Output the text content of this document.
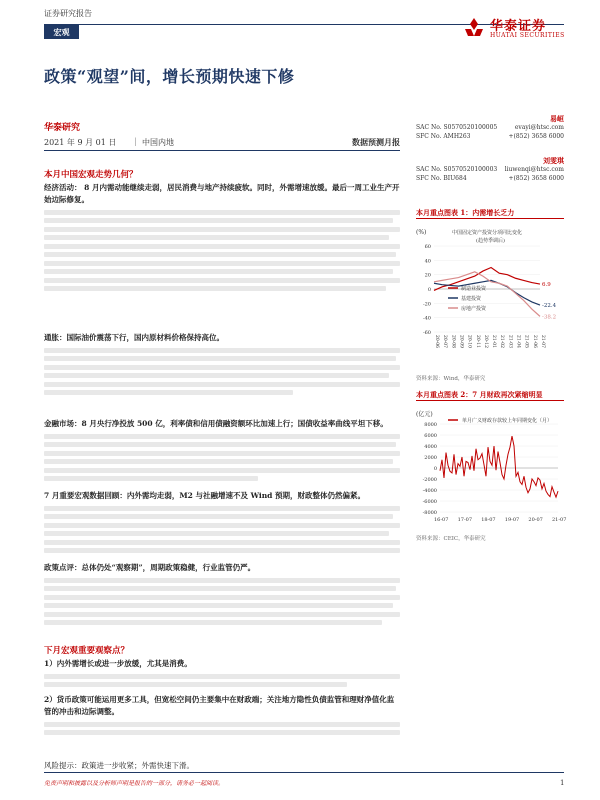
证券研究报告
宏观	华泰证券
HUATAI SECURITIES
政策“观望”间，增长预期快速下修
华泰研究
2021 年 9 月 01 日 | 中国内地	数据预测月报
易峘
SAC No. S0570520100005	evayi@htsc.com
SFC No. AMH263	+(852) 3658 6000
刘雯琪
SAC No. S0570520100003 liuwenqi@htsc.com
SFC No. BIU684	+(852) 3658 6000
本月中国宏观走势几何？
经济活动： 8 月内需动能继续走弱，居民消费与地产持续疲软。同时，外需增速放缓。最后一周工业生产开始边际修复。
通胀：国际油价震荡下行，国内原材料价格保持高位。
金融市场：8 月央行净投放 500 亿，利率债和信用债融资额环比加速上行；国债收益率曲线平坦下移。
7 月重要宏观数据回顾：内外需均走弱，M2 与社融增速不及 Wind 预期，财政整体仍然偏紧。
政策点评：总体仍处“观察期”，周期政策稳健，行业监管仍严。
下月宏观重要观察点？
1）内外需增长或进一步放缓，尤其是消费。
2）货币政策可能运用更多工具，但宽松空间仍主要集中在财政端；关注地方隐性负债监管和理财净值化监管的冲击和边际调整。
风险提示：政策进一步收紧；外需快速下滑。
本月重点图表 1：内需增长乏力
(%)	中国固定资产投资分项同比变化
(趋势季调后)
60
40
20
0
-20
-40
-60
20-06 20-07 20-08 20-09 20-10 20-11 20-12 21-01 21-02 21-03 21-04 21-05 21-06 21-07
6.9
制造业投资
-22.4
基建投资
-38.2
房地产投资
资料来源：Wind，华泰研究
本月重点图表 2：7 月财政再次紧缩明显
(亿元)
单月广义财政存款较上年同期变化（月）
8000
6000
4000
2000
0
-2000
-4000
-6000
-8000
16-07 17-07 18-07 19-07 20-07 21-07
资料来源：CEIC，华泰研究
免责声明和披露以及分析师声明是报告的一部分，请务必一起阅读。	1
